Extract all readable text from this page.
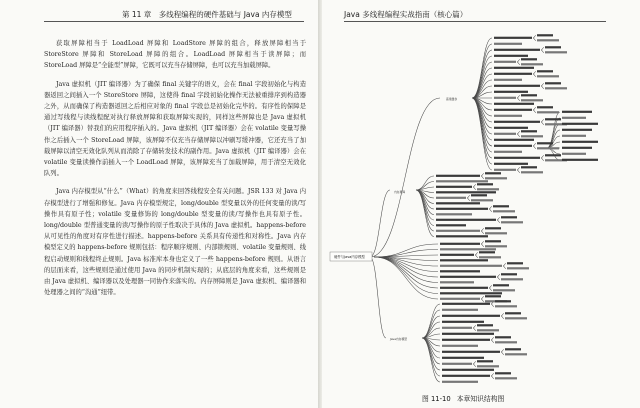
第 11 章　多线程编程的硬件基础与 Java 内存模型

获取屏障相当于 LoadLoad 屏障和 LoadStore 屏障的组合，释放屏障相当于 StoreStore 屏障和 StoreLoad 屏障的组合。LoadLoad 屏障相当于读屏障；而 StoreLoad 屏障是“全能型”屏障，它既可以充当存储屏障，也可以充当加载屏障。

Java 虚拟机（JIT 编译器）为了确保 final 关键字的语义，会在 final 字段初始化与构造器返回之间插入一个 StoreStore 屏障，这使得 final 字段初始化操作无法被重排序到构造器之外，从而确保了构造器返回之后相应对象的 final 字段总是初始化完毕的。有序性的保障是通过写线程与读线程配对执行释放屏障和获取屏障实现的，同样这些屏障也是 Java 虚拟机（JIT 编译器）替我们的应用程序插入的。Java 虚拟机（JIT 编译器）会在 volatile 变量写操作之后插入一个 StoreLoad 屏障，该屏障不仅充当存储屏障以冲刷写缓冲器，它还充当了加载屏障以清空无效化队列从而消除了存储转发技术的副作用。Java 虚拟机（JIT 编译器）会在 volatile 变量读操作前插入一个 LoadLoad 屏障，该屏障充当了加载屏障，用于清空无效化队列。

Java 内存模型从“什么”（What）的角度来回答线程安全有关问题。JSR 133 对 Java 内存模型进行了增强和修复。Java 内存模型规定，long/double 型变量以外的任何变量的读/写操作具有原子性；volatile 变量修饰的 long/double 型变量的读/写操作也具有原子性。long/double 型普通变量的读/写操作的原子性取决于具体的 Java 虚拟机。happens-before 从可见性的角度对有序性进行描述。happens-before 关系具有传递性和对称性。Java 内存模型定义的 happens-before 规则包括：程序顺序规则、内部锁规则、volatile 变量规则、线程启动规则和线程终止规则。Java 标准库本身也定义了一些 happens-before 规则。从语言的层面来看，这些规则是通过使用 Java 的同步机制实现的；从底层的角度来看，这些规则是由 Java 虚拟机、编译器以及处理器一同协作来落实的。内存屏障则是 Java 虚拟机、编译器和处理器之间的“沟通”纽带。

Java 多线程编程实战指南（核心篇）
硬件与Java内存模型
高速缓存
内存屏障
Java内存模型
图 11-10 本章知识结构图
